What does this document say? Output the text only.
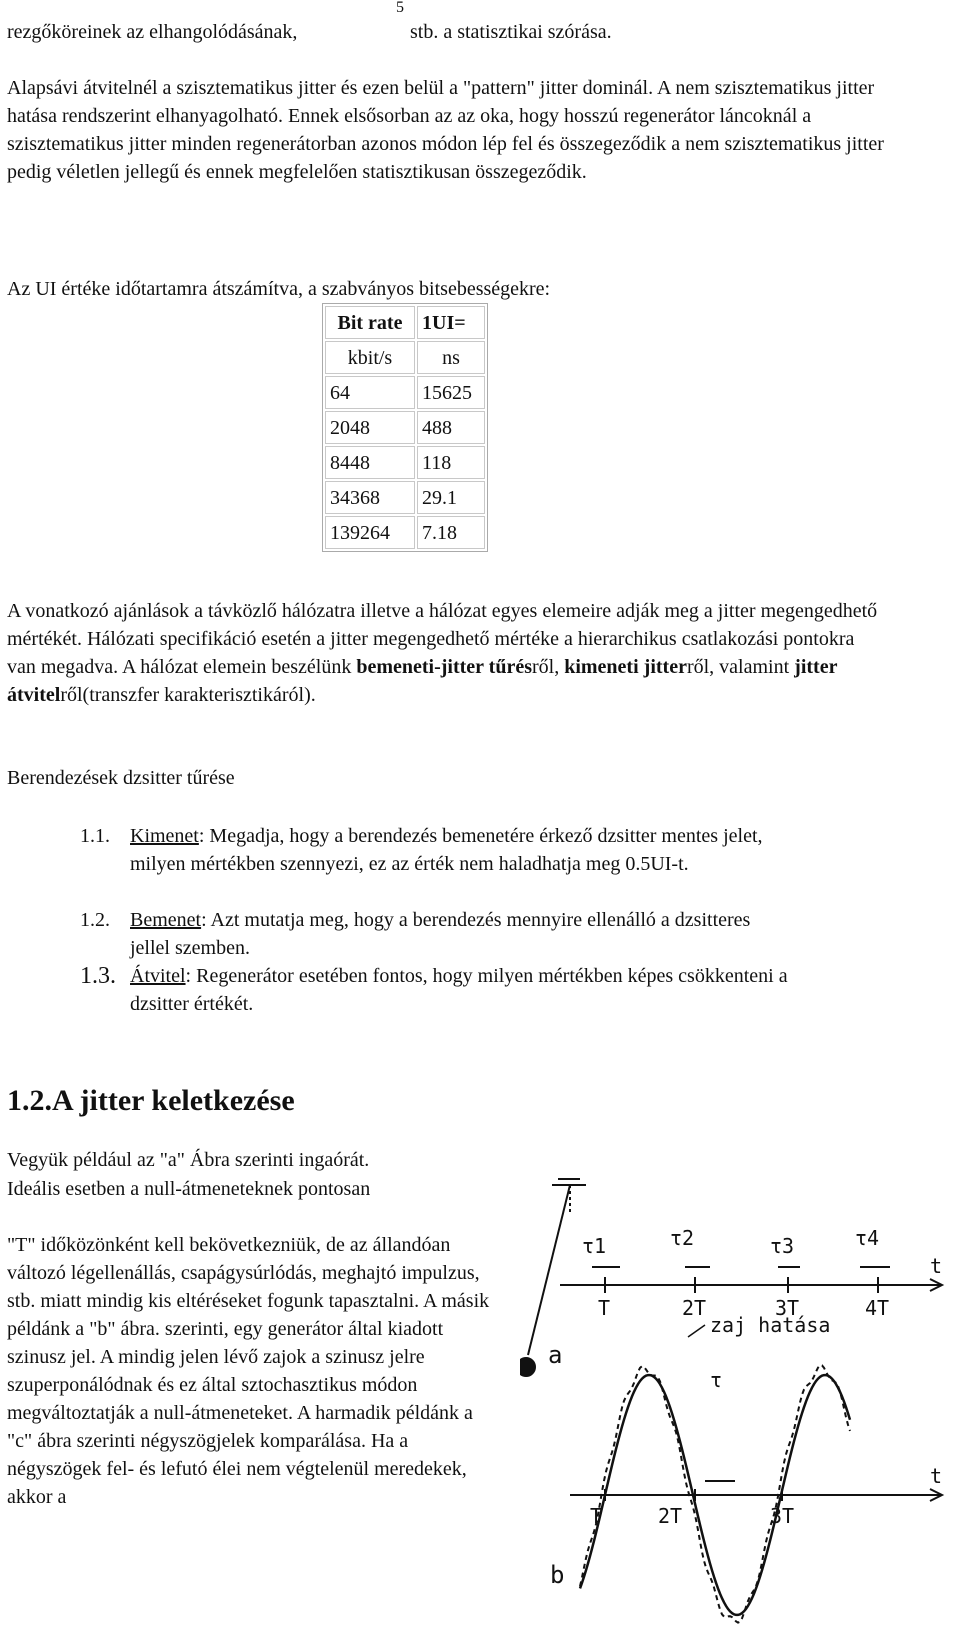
5
rezgőköreinek az elhangolódásának,	stb. a statisztikai szórása.

Alapsávi átvitelnél a szisztematikus jitter és ezen belül a "pattern" jitter dominál. A nem szisztematikus jitter hatása rendszerint elhanyagolható. Ennek elsősorban az az oka, hogy hosszú regenerátor láncoknál a szisztematikus jitter minden regenerátorban azonos módon lép fel és összegeződik a nem szisztematikus jitter pedig véletlen jellegű és ennek megfelelően statisztikusan összegeződik.

Az UI értéke időtartamra átszámítva, a szabványos bitsebességekre:

Bit rate	1UI=
kbit/s	ns
64	15625
2048	488
8448	118
34368	29.1
139264	7.18

A vonatkozó ajánlások a távközlő hálózatra illetve a hálózat egyes elemeire adják meg a jitter megengedhető mértékét. Hálózati specifikáció esetén a jitter megengedhető mértéke a hierarchikus csatlakozási pontokra van megadva. A hálózat elemein beszélünk bemeneti-jitter tűrésről, kimeneti jitterről, valamint jitter átvitelről(transzfer karakterisztikáról).

Berendezések dzsitter tűrése

1.1. Kimenet: Megadja, hogy a berendezés bemenetére érkező dzsitter mentes jelet, milyen mértékben szennyezi, ez az érték nem haladhatja meg 0.5UI-t.
1.2. Bemenet: Azt mutatja meg, hogy a berendezés mennyire ellenálló a dzsitteres jellel szemben.
1.3. Átvitel: Regenerátor esetében fontos, hogy milyen mértékben képes csökkenteni a dzsitter értékét.
1.2.A jitter keletkezése

Vegyük például az "a" Ábra szerinti ingaórát.

Ideális esetben a null-átmeneteknek pontosan

"T" időközönként kell bekövetkezniük, de az állandóan változó légellenállás, csapágysúrlódás, meghajtó impulzus, stb. miatt mindig kis eltéréseket fogunk tapasztalni. A másik példánk a "b" ábra. szerinti, egy generátor által kiadott szinusz jel. A mindig jelen lévő zajok a szinusz jelre szuperponálódnak és ez által sztochasztikus módon megváltoztatják a null-átmeneteket. A harmadik példánk a "c" ábra szerinti négyszögjelek komparálása. Ha a négyszögek fel- és lefutó élei nem végtelenül meredekek, akkor a

τ1	τ2	τ3	τ4
t
T	2T	3T	4T
a
zaj hatása
τ
t
T	2T	3T
b
